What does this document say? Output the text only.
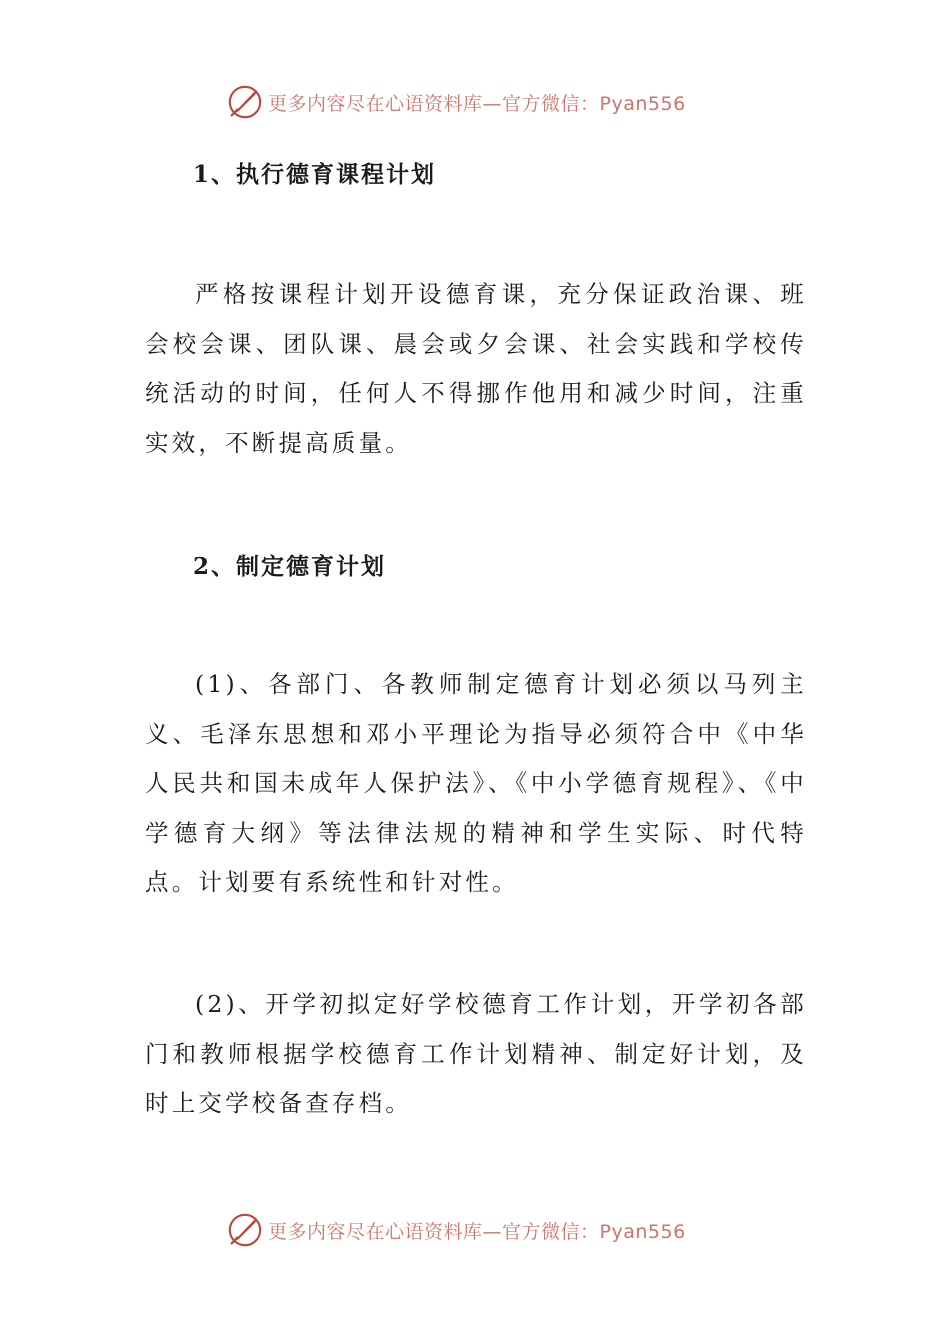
更多内容尽在心语资料库—官方微信：Pyan556
1、执行德育课程计划

严格按课程计划开设德育课，充分保证政治课、班会校会课、团队课、晨会或夕会课、社会实践和学校传统活动的时间，任何人不得挪作他用和减少时间，注重实效，不断提高质量。

2、制定德育计划

(1)、各部门、各教师制定德育计划必须以马列主义、毛泽东思想和邓小平理论为指导必须符合中《中华人民共和国未成年人保护法》、《中小学德育规程》、《中学德育大纲》等法律法规的精神和学生实际、时代特点。计划要有系统性和针对性。

(2)、开学初拟定好学校德育工作计划，开学初各部门和教师根据学校德育工作计划精神、制定好计划，及时上交学校备查存档。

更多内容尽在心语资料库—官方微信：Pyan556
